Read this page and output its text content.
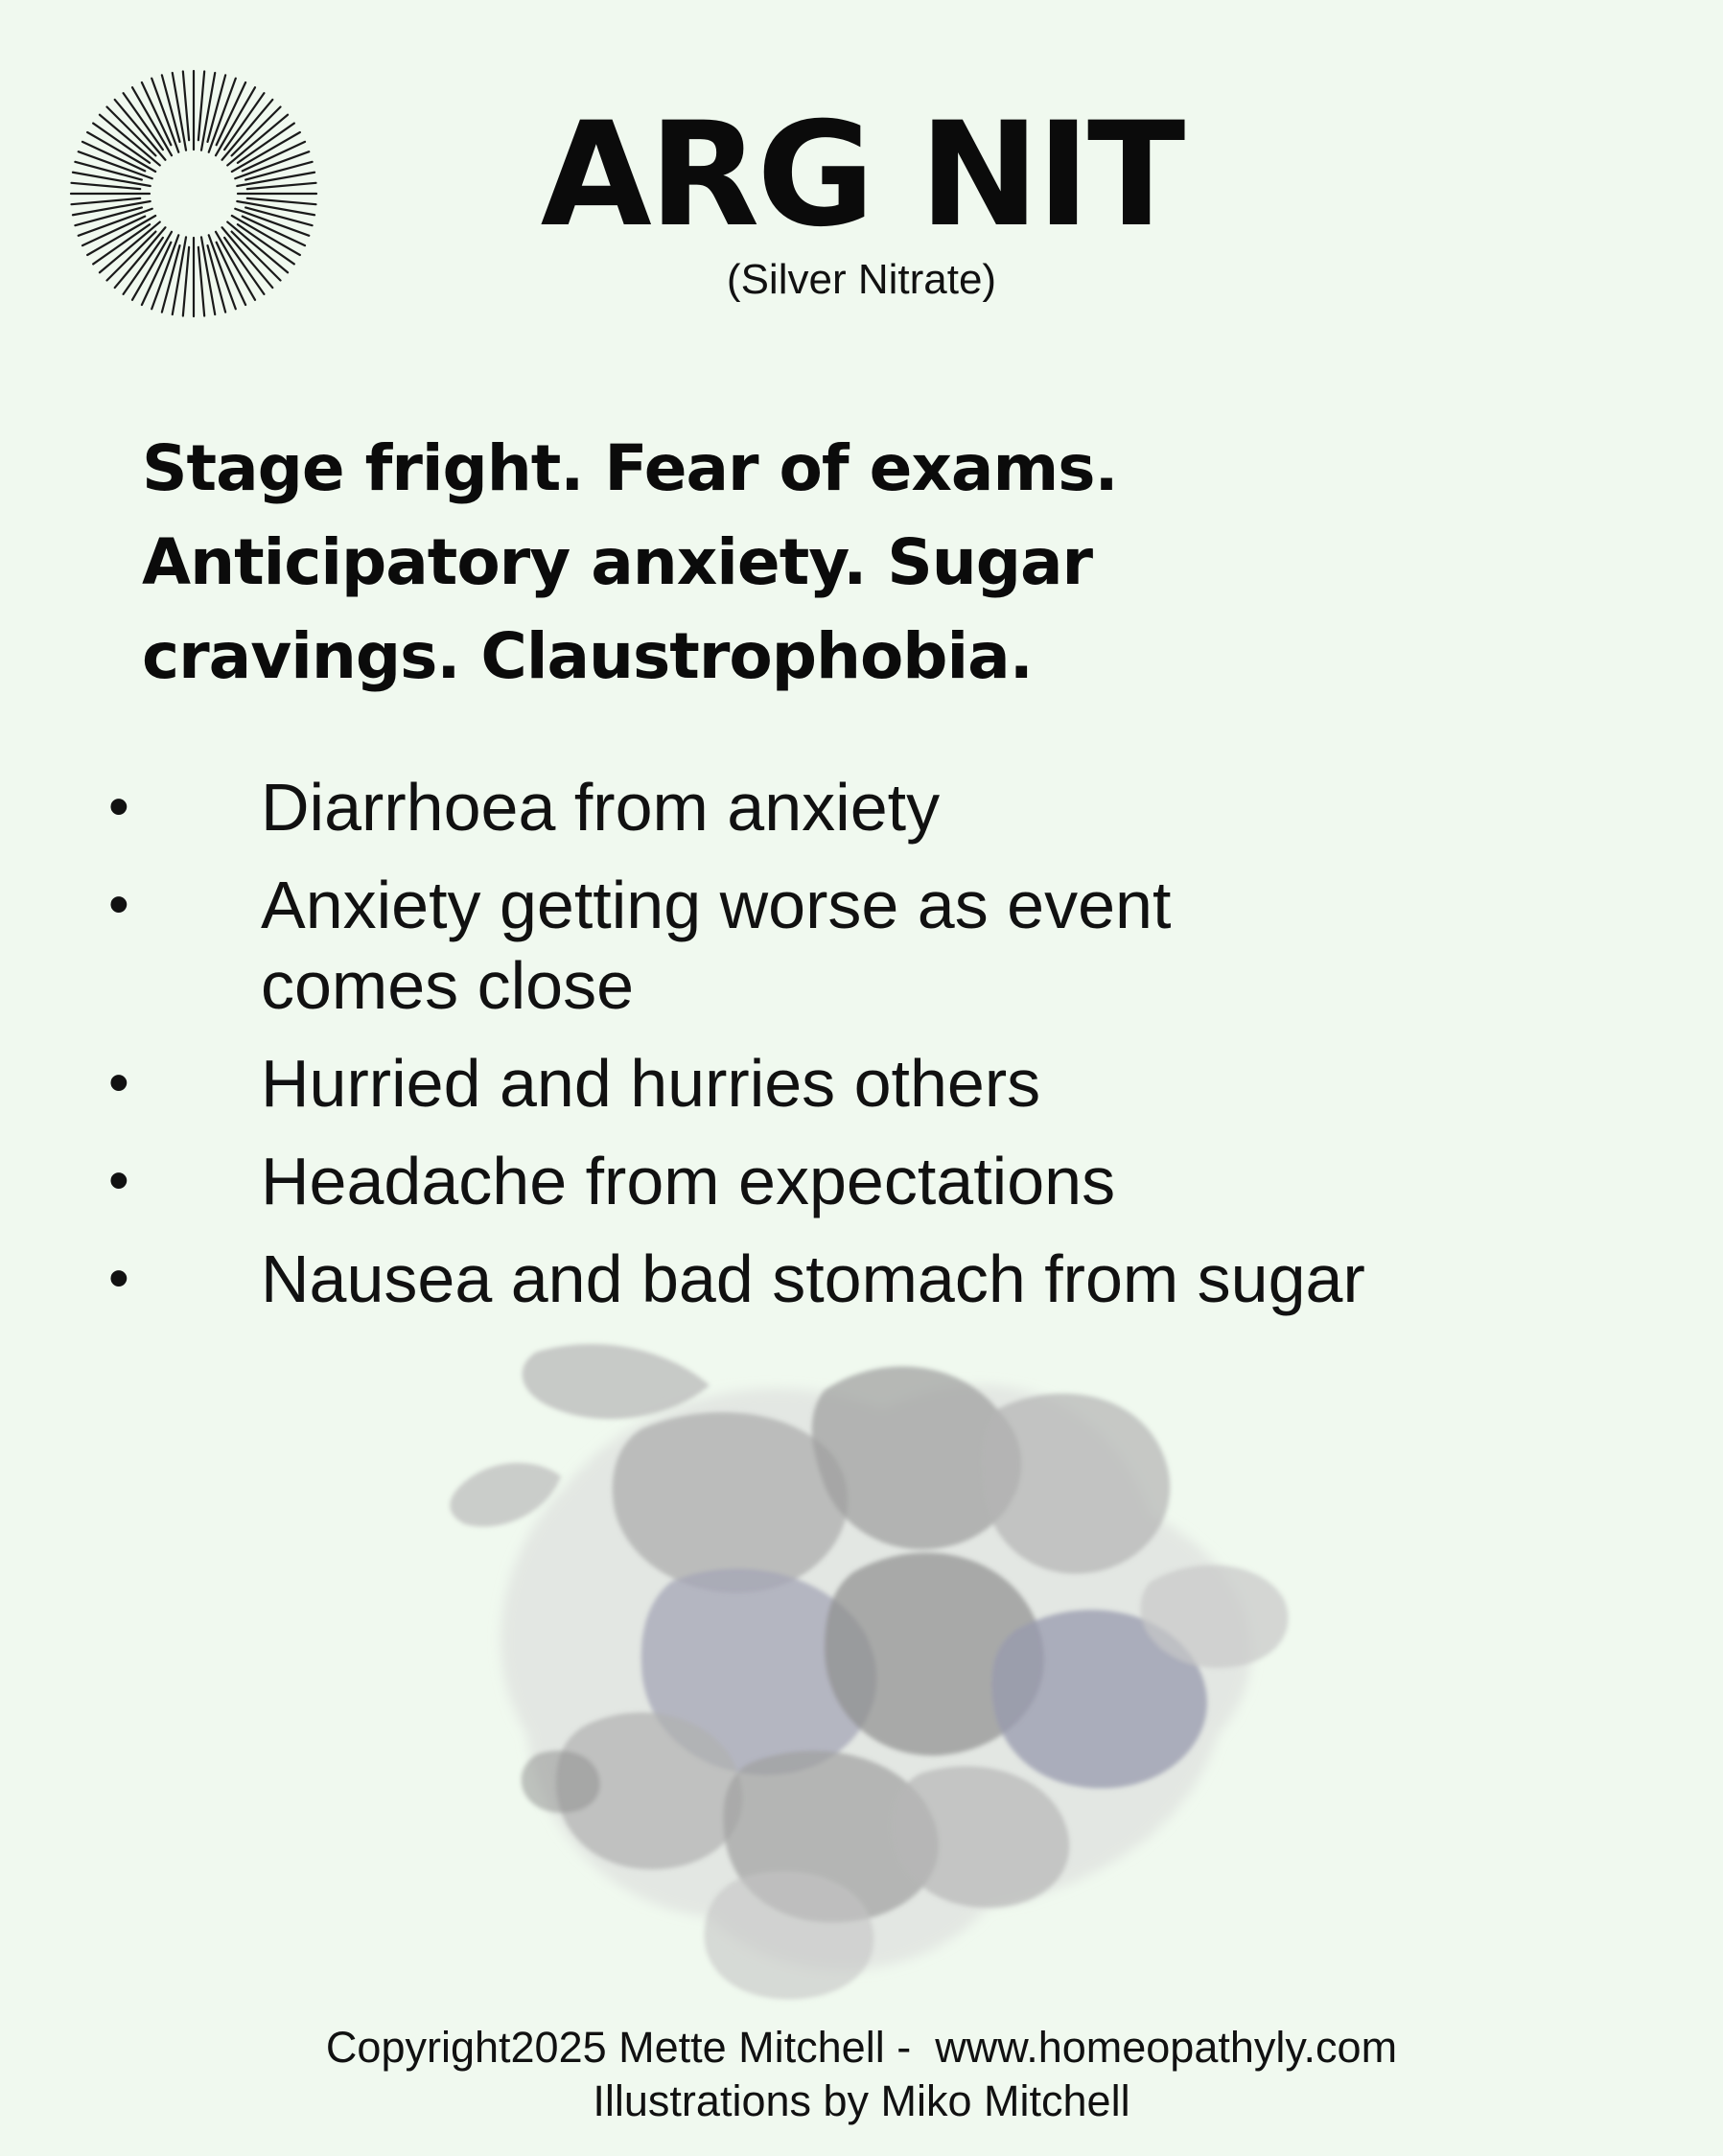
ARG NIT
(Silver Nitrate)

Stage fright. Fear of exams.
Anticipatory anxiety. Sugar
cravings. Claustrophobia.

• Diarrhoea from anxiety
• Anxiety getting worse as event
comes close
• Hurried and hurries others
• Headache from expectations
• Nausea and bad stomach from sugar
Copyright2025 Mette Mitchell -  www.homeopathyly.com
Illustrations by Miko Mitchell
